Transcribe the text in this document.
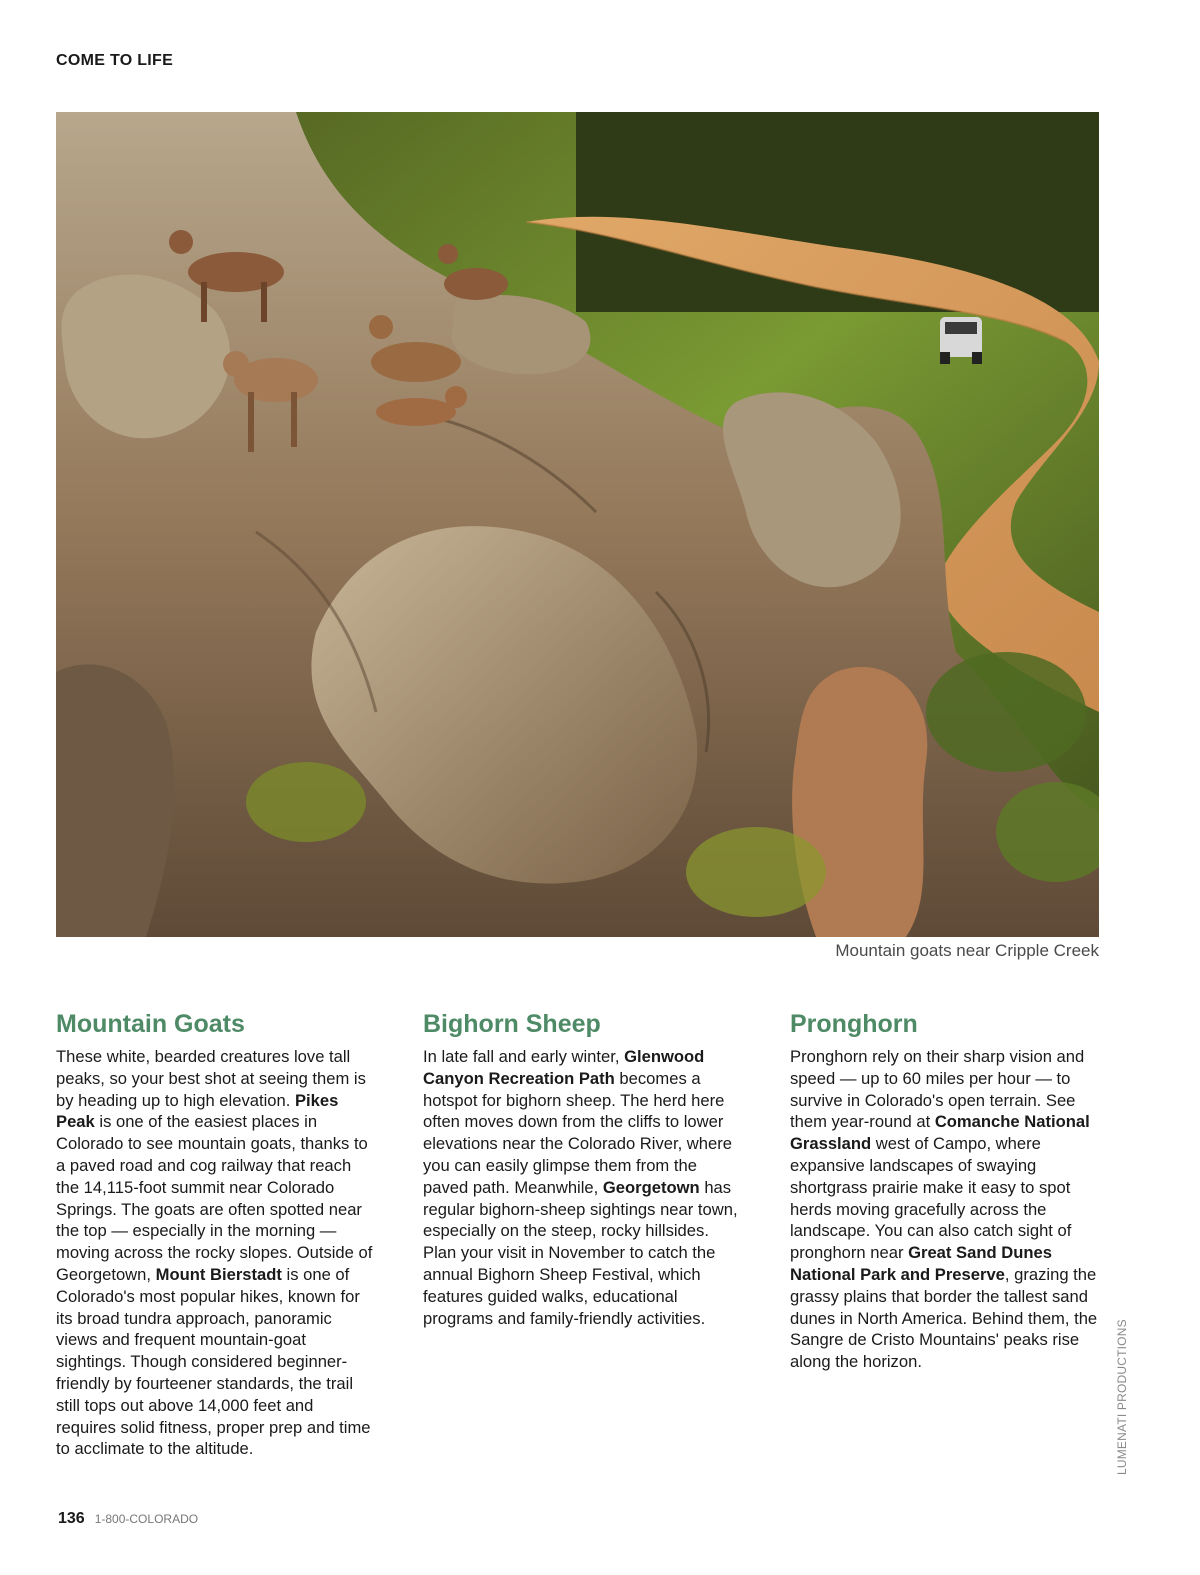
COME TO LIFE
Mountain goats near Cripple Creek
Mountain Goats

These white, bearded creatures love tall peaks, so your best shot at seeing them is by heading up to high elevation. Pikes Peak is one of the easiest places in Colorado to see mountain goats, thanks to a paved road and cog railway that reach the 14,115-foot summit near Colorado Springs. The goats are often spotted near the top — especially in the morning — moving across the rocky slopes. Outside of Georgetown, Mount Bierstadt is one of Colorado's most popular hikes, known for its broad tundra approach, panoramic views and frequent mountain-goat sightings. Though considered beginner-friendly by fourteener standards, the trail still tops out above 14,000 feet and requires solid fitness, proper prep and time to acclimate to the altitude.

Bighorn Sheep

In late fall and early winter, Glenwood Canyon Recreation Path becomes a hotspot for bighorn sheep. The herd here often moves down from the cliffs to lower elevations near the Colorado River, where you can easily glimpse them from the paved path. Meanwhile, Georgetown has regular bighorn-sheep sightings near town, especially on the steep, rocky hillsides. Plan your visit in November to catch the annual Bighorn Sheep Festival, which features guided walks, educational programs and family-friendly activities.

Pronghorn

Pronghorn rely on their sharp vision and speed — up to 60 miles per hour — to survive in Colorado's open terrain. See them year-round at Comanche National Grassland west of Campo, where expansive landscapes of swaying shortgrass prairie make it easy to spot herds moving gracefully across the landscape. You can also catch sight of pronghorn near Great Sand Dunes National Park and Preserve, grazing the grassy plains that border the tallest sand dunes in North America. Behind them, the Sangre de Cristo Mountains' peaks rise along the horizon.	LUMENATI PRODUCTIONS
136 1-800-COLORADO
